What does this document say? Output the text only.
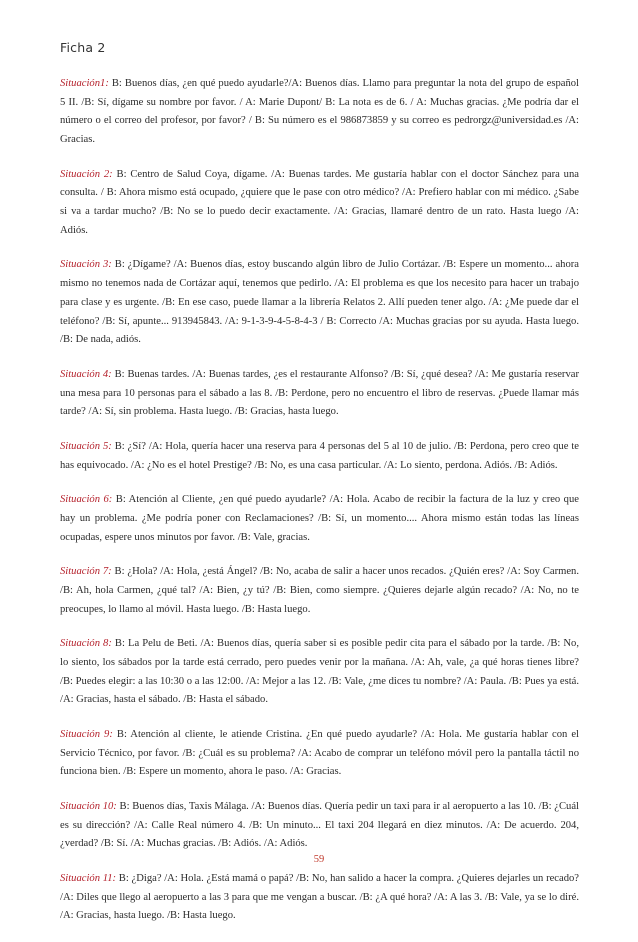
Ficha 2

Situación1: B: Buenos días, ¿en qué puedo ayudarle?/A: Buenos días. Llamo para preguntar la nota del grupo de español 5 II. /B: Sí, dígame su nombre por favor. / A: Marie Dupont/ B: La nota es de 6. / A: Muchas gracias. ¿Me podría dar el número o el correo del profesor, por favor? / B: Su número es el 986873859 y su correo es pedrorgz@universidad.es /A: Gracias.

Situación 2: B: Centro de Salud Coya, dígame. /A: Buenas tardes. Me gustaría hablar con el doctor Sánchez para una consulta. / B: Ahora mismo está ocupado, ¿quiere que le pase con otro médico? /A: Prefiero hablar con mi médico. ¿Sabe si va a tardar mucho? /B: No se lo puedo decir exactamente. /A: Gracias, llamaré dentro de un rato. Hasta luego /A: Adiós.

Situación 3: B: ¿Dígame? /A: Buenos días, estoy buscando algún libro de Julio Cortázar. /B: Espere un momento... ahora mismo no tenemos nada de Cortázar aquí, tenemos que pedirlo. /A: El problema es que los necesito para hacer un trabajo para clase y es urgente. /B: En ese caso, puede llamar a la librería Relatos 2. Allí pueden tener algo. /A: ¿Me puede dar el teléfono? /B: Sí, apunte... 913945843. /A: 9-1-3-9-4-5-8-4-3 / B: Correcto /A: Muchas gracias por su ayuda. Hasta luego. /B: De nada, adiós.

Situación 4: B: Buenas tardes. /A: Buenas tardes, ¿es el restaurante Alfonso? /B: Sí, ¿qué desea? /A: Me gustaría reservar una mesa para 10 personas para el sábado a las 8. /B: Perdone, pero no encuentro el libro de reservas. ¿Puede llamar más tarde? /A: Sí, sin problema. Hasta luego. /B: Gracias, hasta luego.

Situación 5: B: ¿Sí? /A: Hola, quería hacer una reserva para 4 personas del 5 al 10 de julio. /B: Perdona, pero creo que te has equivocado. /A: ¿No es el hotel Prestige? /B: No, es una casa particular. /A: Lo siento, perdona. Adiós. /B: Adiós.

Situación 6: B: Atención al Cliente, ¿en qué puedo ayudarle? /A: Hola. Acabo de recibir la factura de la luz y creo que hay un problema. ¿Me podría poner con Reclamaciones? /B: Sí, un momento.... Ahora mismo están todas las líneas ocupadas, espere unos minutos por favor. /B: Vale, gracias.

Situación 7: B: ¿Hola? /A: Hola, ¿está Ángel? /B: No, acaba de salir a hacer unos recados. ¿Quién eres? /A: Soy Carmen. /B: Ah, hola Carmen, ¿qué tal? /A: Bien, ¿y tú? /B: Bien, como siempre. ¿Quieres dejarle algún recado? /A: No, no te preocupes, lo llamo al móvil. Hasta luego. /B: Hasta luego.

Situación 8: B: La Pelu de Beti. /A: Buenos días, quería saber si es posible pedir cita para el sábado por la tarde. /B: No, lo siento, los sábados por la tarde está cerrado, pero puedes venir por la mañana. /A: Ah, vale, ¿a qué horas tienes libre? /B: Puedes elegir: a las 10:30 o a las 12:00. /A: Mejor a las 12. /B: Vale, ¿me dices tu nombre? /A: Paula. /B: Pues ya está. /A: Gracias, hasta el sábado. /B: Hasta el sábado.

Situación 9: B: Atención al cliente, le atiende Cristina. ¿En qué puedo ayudarle? /A: Hola. Me gustaría hablar con el Servicio Técnico, por favor. /B: ¿Cuál es su problema? /A: Acabo de comprar un teléfono móvil pero la pantalla táctil no funciona bien. /B: Espere un momento, ahora le paso. /A: Gracias.

Situación 10: B: Buenos días, Taxis Málaga. /A: Buenos días. Quería pedir un taxi para ir al aeropuerto a las 10. /B: ¿Cuál es su dirección? /A: Calle Real número 4. /B: Un minuto... El taxi 204 llegará en diez minutos. /A: De acuerdo. 204, ¿verdad? /B: Sí. /A: Muchas gracias. /B: Adiós. /A: Adiós.

Situación 11: B: ¿Diga? /A: Hola. ¿Está mamá o papá? /B: No, han salido a hacer la compra. ¿Quieres dejarles un recado? /A: Diles que llego al aeropuerto a las 3 para que me vengan a buscar. /B: ¿A qué hora? /A: A las 3. /B: Vale, ya se lo diré. /A: Gracias, hasta luego. /B: Hasta luego.

59
